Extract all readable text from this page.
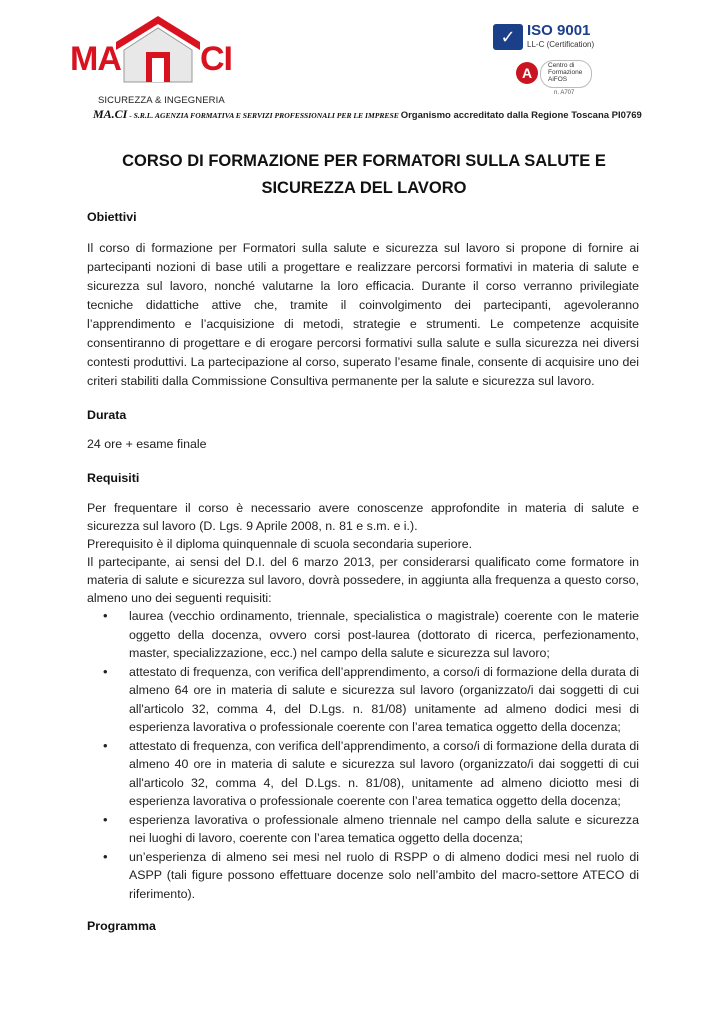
MA CI
SICUREZZA & INGEGNERIA
✓ ISO 9001
LL-C (Certification)
A	Centro di Formazione AiFOS
n. A707
MA.CI - S.R.L. AGENZIA FORMATIVA E SERVIZI PROFESSIONALI PER LE IMPRESE Organismo accreditato dalla Regione Toscana PI0769
CORSO DI FORMAZIONE PER FORMATORI SULLA SALUTE E
SICUREZZA DEL LAVORO
Obiettivi

Il corso di formazione per Formatori sulla salute e sicurezza sul lavoro si propone di fornire ai partecipanti nozioni di base utili a progettare e realizzare percorsi formativi in materia di salute e sicurezza sul lavoro, nonché valutarne la loro efficacia. Durante il corso verranno privilegiate tecniche didattiche attive che, tramite il coinvolgimento dei partecipanti, agevoleranno l’apprendimento e l’acquisizione di metodi, strategie e strumenti. Le competenze acquisite consentiranno di progettare e di erogare percorsi formativi sulla salute e sulla sicurezza nei diversi contesti produttivi. La partecipazione al corso, superato l’esame finale, consente di acquisire uno dei criteri stabiliti dalla Commissione Consultiva permanente per la salute e sicurezza sul lavoro.

Durata

24 ore + esame finale

Requisiti

Per frequentare il corso è necessario avere conoscenze approfondite in materia di salute e sicurezza sul lavoro (D. Lgs. 9 Aprile 2008, n. 81 e s.m. e i.).

Prerequisito è il diploma quinquennale di scuola secondaria superiore.

Il partecipante, ai sensi del D.I. del 6 marzo 2013, per considerarsi qualificato come formatore in materia di salute e sicurezza sul lavoro, dovrà possedere, in aggiunta alla frequenza a questo corso, almeno uno dei seguenti requisiti:

• laurea (vecchio ordinamento, triennale, specialistica o magistrale) coerente con le materie oggetto della docenza, ovvero corsi post-laurea (dottorato di ricerca, perfezionamento, master, specializzazione, ecc.) nel campo della salute e sicurezza sul lavoro;
• attestato di frequenza, con verifica dell’apprendimento, a corso/i di formazione della durata di almeno 64 ore in materia di salute e sicurezza sul lavoro (organizzato/i dai soggetti di cui all'articolo 32, comma 4, del D.Lgs. n. 81/08) unitamente ad almeno dodici mesi di esperienza lavorativa o professionale coerente con l’area tematica oggetto della docenza;
• attestato di frequenza, con verifica dell’apprendimento, a corso/i di formazione della durata di almeno 40 ore in materia di salute e sicurezza sul lavoro (organizzato/i dai soggetti di cui all'articolo 32, comma 4, del D.Lgs. n. 81/08), unitamente ad almeno diciotto mesi di esperienza lavorativa o professionale coerente con l’area tematica oggetto della docenza;
• esperienza lavorativa o professionale almeno triennale nel campo della salute e sicurezza nei luoghi di lavoro, coerente con l’area tematica oggetto della docenza;
• un’esperienza di almeno sei mesi nel ruolo di RSPP o di almeno dodici mesi nel ruolo di ASPP (tali figure possono effettuare docenze solo nell’ambito del macro-settore ATECO di riferimento).
Programma
